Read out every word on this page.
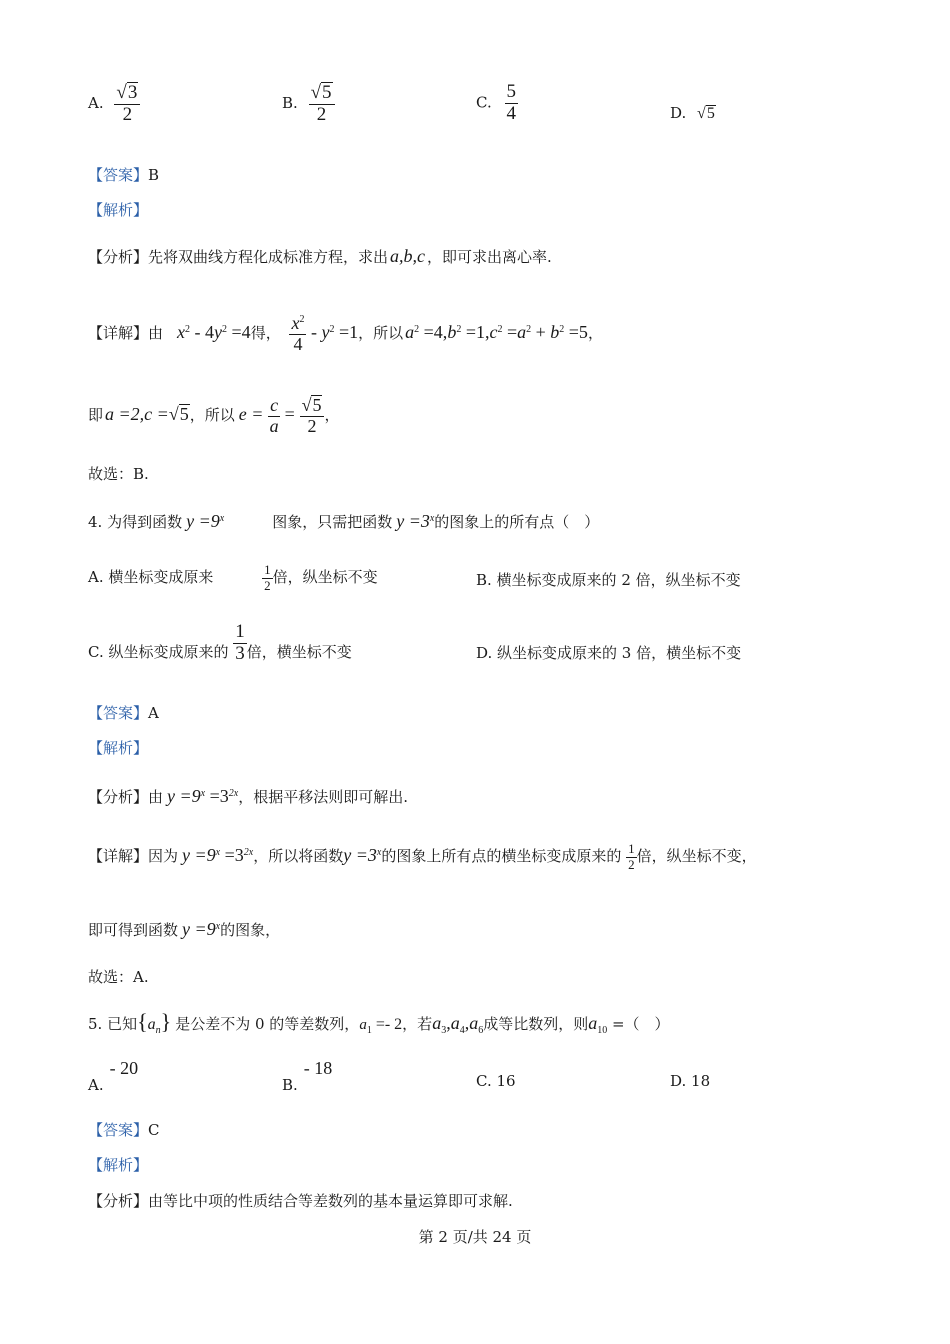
A. $\frac{√3}{2}$	B. $\frac{√5}{2}$	C. $\frac{5}{4}$	D. √5
【答案】B
【解析】
【分析】先将双曲线方程化成标准方程，求出 a,b,c ，即可求出离心率.
【详解】由 $x^2 - 4y^2 =4$得， $\frac{x^2}{4} - y^2 =1$，所以 $a^2 =4,b^2 =1,c^2 =a^2 + b^2 =5$，
即 a =2,c =√5，所以 $e = \frac{c}{a} = \frac{√5}{2}$ ，
故选：B.
4. 为得到函数 $y =9^x$	图象，只需把函数 $y =3^x$的图象上的所有点（　）
A. 横坐标变成原来	$\frac{1}{2}$ 倍，纵坐标不变	B. 横坐标变成原来的 2 倍，纵坐标不变
C. 纵坐标变成原来的 $\frac{1}{3}$ 倍，横坐标不变	D. 纵坐标变成原来的 3 倍，横坐标不变
【答案】A
【解析】
【分析】由 $y =9^x =3^{2x}$，根据平移法则即可解出.
【详解】因为 $y =9^x =3^{2x}$，所以将函数$y =3^x$的图象上所有点的横坐标变成原来的 $\frac{1}{2}$ 倍，纵坐标不变，
即可得到函数 $y =9^x$的图象，
故选：A.
5. 已知$\{a_n\}$ 是公差不为 0 的等差数列，$a_1 =- 2$，若$a_3,a_4,a_6$成等比数列，则$a_{10}$ =（　）
A.- 20
B.- 18
C. 16	D. 18
【答案】C
【解析】
【分析】由等比中项的性质结合等差数列的基本量运算即可求解.
第 2 页/共 24 页
